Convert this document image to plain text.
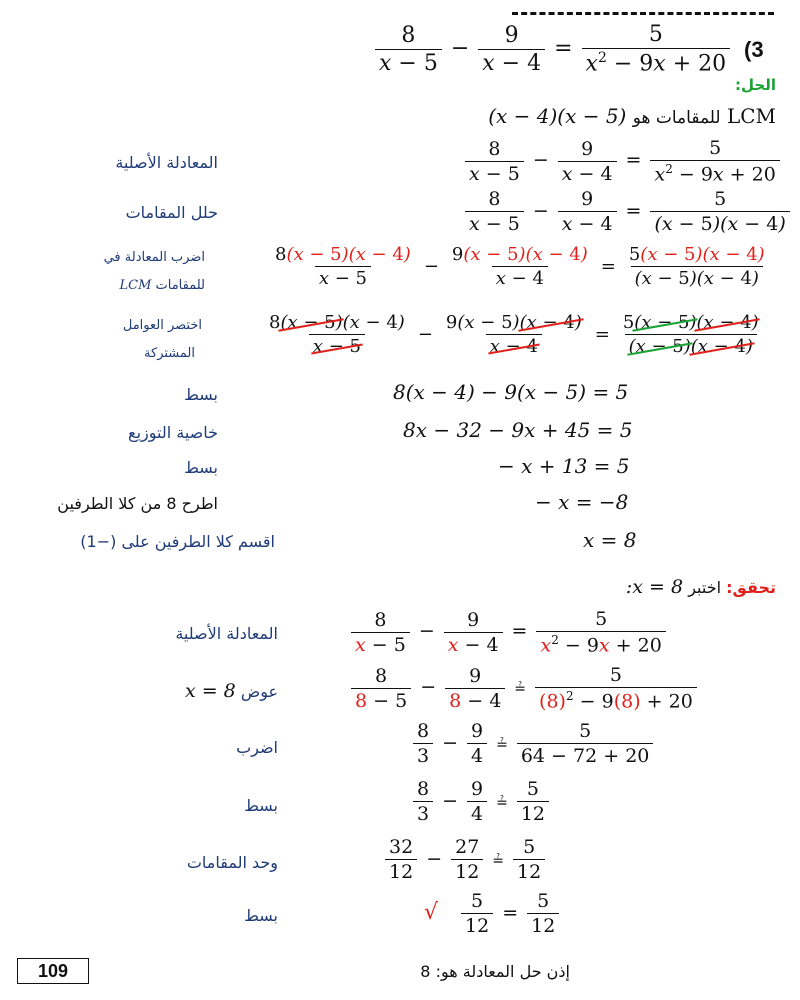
$\frac{8}{x - 5} - \frac{9}{x - 4} = \frac{5}{x^2 - 9x + 20} (3$
الحل:
LCM للمقامات هو (x − 4)(x − 5)
المعادلة الأصلية	$\frac{8}{x - 5} - \frac{9}{x - 4} = \frac{5}{x^2 - 9x + 20}$
حلل المقامات	$\frac{8}{x - 5} - \frac{9}{x - 4} = \frac{5}{(x - 5)(x - 4)}$
اضرب المعادلة في
للمقامات LCM	$\frac{8(x - 5)(x - 4)}{x - 5} - \frac{9(x - 5)(x - 4)}{x - 4} = \frac{5(x - 5)(x - 4)}{(x - 5)(x - 4)}$
اختصر العوامل
المشتركة	$\frac{8(x - 5)(x - 4)}{x - 5} - \frac{9(x - 5)(x - 4)}{x - 4} = \frac{5(x - 5)(x - 4)}{(x - 5)(x - 4)}$
بسط	8(x − 4) − 9(x − 5) = 5
خاصية التوزيع	8x − 32 − 9x + 45 = 5
بسط	− x + 13 = 5
اطرح 8 من كلا الطرفين	− x = −8
اقسم كلا الطرفين على (−1)	x = 8
تحقق: اختبر :x = 8
المعادلة الأصلية	$\frac{8}{x - 5} - \frac{9}{x - 4} = \frac{5}{x^2 - 9x + 20}$
عوض x = 8	$\frac{8}{8 - 5} - \frac{9}{8 - 4}$ ≟ $\frac{5}{(8)^2 - 9(8) + 20}$
اضرب	$\frac{8}{3} - \frac{9}{4}$ ≟ $\frac{5}{64 - 72 + 20}$
بسط	$\frac{8}{3} - \frac{9}{4}$ ≟ $\frac{5}{12}$
وحد المقامات	$\frac{32}{12} - \frac{27}{12}$ ≟ $\frac{5}{12}$
بسط	√ $\frac{5}{12} = \frac{5}{12}$
109	إذن حل المعادلة هو: 8
